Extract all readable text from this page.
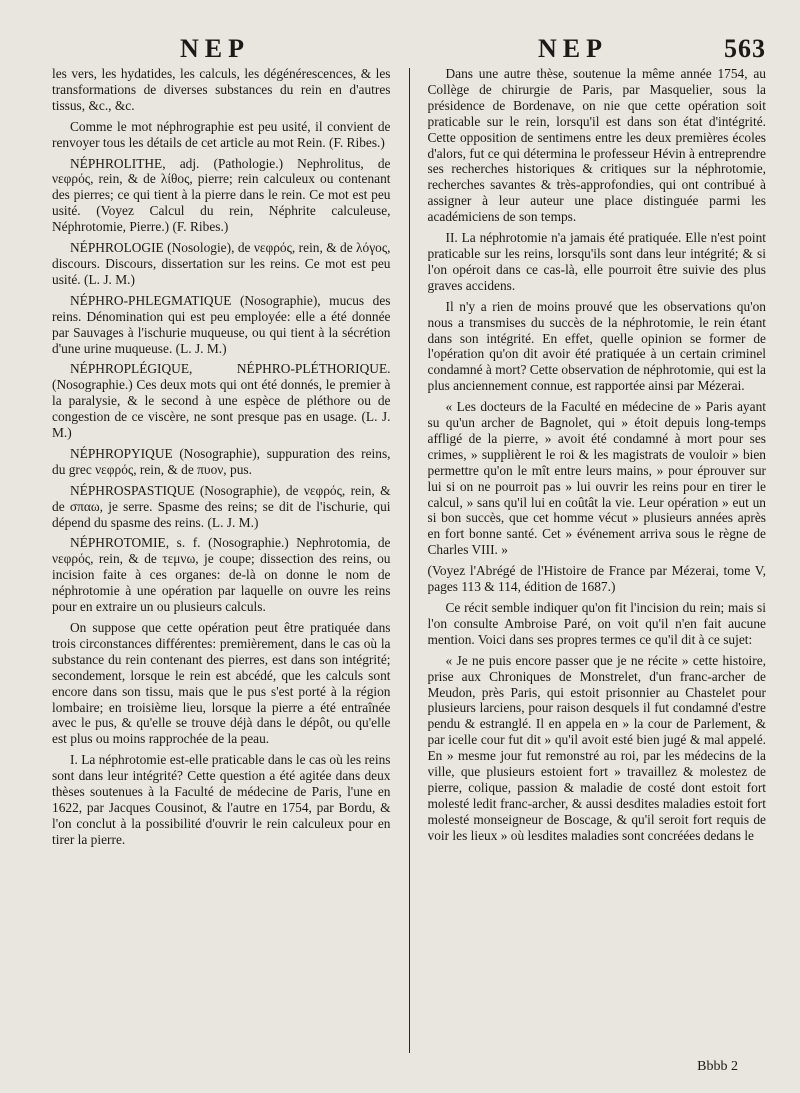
NEP	NEP	563

les vers, les hydatides, les calculs, les dégénérescences, & les transformations de diverses substances du rein en d'autres tissus, &c., &c.

Comme le mot néphrographie est peu usité, il convient de renvoyer tous les détails de cet article au mot Rein. (F. Ribes.)

NÉPHROLITHE, adj. (Pathologie.) Nephrolitus, de νεφρός, rein, & de λίθος, pierre; rein calculeux ou contenant des pierres; ce qui tient à la pierre dans le rein. Ce mot est peu usité. (Voyez Calcul du rein, Néphrite calculeuse, Néphrotomie, Pierre.) (F. Ribes.)

NÉPHROLOGIE (Nosologie), de νεφρός, rein, & de λόγος, discours. Discours, dissertation sur les reins. Ce mot est peu usité. (L. J. M.)

NÉPHRO-PHLEGMATIQUE (Nosographie), mucus des reins. Dénomination qui est peu employée: elle a été donnée par Sauvages à l'ischurie muqueuse, ou qui tient à la sécrétion d'une urine muqueuse. (L. J. M.)

NÉPHROPLÉGIQUE, NÉPHRO-PLÉTHORIQUE. (Nosographie.) Ces deux mots qui ont été donnés, le premier à la paralysie, & le second à une espèce de pléthore ou de congestion de ce viscère, ne sont presque pas en usage. (L. J. M.)

NÉPHROPYIQUE (Nosographie), suppuration des reins, du grec νεφρός, rein, & de πυον, pus.

NÉPHROSPASTIQUE (Nosographie), de νεφρός, rein, & de σπαω, je serre. Spasme des reins; se dit de l'ischurie, qui dépend du spasme des reins. (L. J. M.)

NÉPHROTOMIE, s. f. (Nosographie.) Nephrotomia, de νεφρός, rein, & de τεμνω, je coupe; dissection des reins, ou incision faite à ces organes: de-là on donne le nom de néphrotomie à une opération par laquelle on ouvre les reins pour en extraire un ou plusieurs calculs.

On suppose que cette opération peut être pratiquée dans trois circonstances différentes: premièrement, dans le cas où la substance du rein contenant des pierres, est dans son intégrité; secondement, lorsque le rein est abcédé, que les calculs sont encore dans son tissu, mais que le pus s'est porté à la région lombaire; en troisième lieu, lorsque la pierre a été entraînée avec le pus, & qu'elle se trouve déjà dans le dépôt, ou qu'elle est plus ou moins rapprochée de la peau.

I. La néphrotomie est-elle praticable dans le cas où les reins sont dans leur intégrité? Cette question a été agitée dans deux thèses soutenues à la Faculté de médecine de Paris, l'une en 1622, par Jacques Cousinot, & l'autre en 1754, par Bordu, & l'on conclut à la possibilité d'ouvrir le rein calculeux pour en tirer la pierre.

Dans une autre thèse, soutenue la même année 1754, au Collège de chirurgie de Paris, par Masquelier, sous la présidence de Bordenave, on nie que cette opération soit praticable sur le rein, lorsqu'il est dans son état d'intégrité. Cette opposition de sentimens entre les deux premières écoles d'alors, fut ce qui détermina le professeur Hévin à entreprendre ses recherches historiques & critiques sur la néphrotomie, recherches savantes & très-approfondies, qui ont contribué à assigner à leur auteur une place distinguée parmi les académiciens de son temps.

II. La néphrotomie n'a jamais été pratiquée. Elle n'est point praticable sur les reins, lorsqu'ils sont dans leur intégrité; & si l'on opéroit dans ce cas-là, elle pourroit être suivie des plus graves accidens.

Il n'y a rien de moins prouvé que les observations qu'on nous a transmises du succès de la néphrotomie, le rein étant dans son intégrité. En effet, quelle opinion se former de l'opération qu'on dit avoir été pratiquée à un certain criminel condamné à mort? Cette observation de néphrotomie, qui est la plus anciennement connue, est rapportée ainsi par Mézerai.

« Les docteurs de la Faculté en médecine de » Paris ayant su qu'un archer de Bagnolet, qui » étoit depuis long-temps affligé de la pierre, » avoit été condamné à mort pour ses crimes, » supplièrent le roi & les magistrats de vouloir » bien permettre qu'on le mît entre leurs mains, » pour éprouver sur lui si on ne pourroit pas » lui ouvrir les reins pour en tirer le calcul, » sans qu'il lui en coûtât la vie. Leur opération » eut un si bon succès, que cet homme vécut » plusieurs années après en fort bonne santé. Cet » événement arriva sous le règne de Charles VIII. »

(Voyez l'Abrégé de l'Histoire de France par Mézerai, tome V, pages 113 & 114, édition de 1687.)

Ce récit semble indiquer qu'on fit l'incision du rein; mais si l'on consulte Ambroise Paré, on voit qu'il n'en fait aucune mention. Voici dans ses propres termes ce qu'il dit à ce sujet:

« Je ne puis encore passer que je ne récite » cette histoire, prise aux Chroniques de Monstrelet, d'un franc-archer de Meudon, près Paris, qui estoit prisonnier au Chastelet pour plusieurs larciens, pour raison desquels il fut condamné d'estre pendu & estranglé. Il en appela en » la cour de Parlement, & par icelle cour fut dit » qu'il avoit esté bien jugé & mal appelé. En » mesme jour fut remonstré au roi, par les médecins de la ville, que plusieurs estoient fort » travaillez & molestez de pierre, colique, passion & maladie de costé dont estoit fort molesté ledit franc-archer, & aussi desdites maladies estoit fort molesté monseigneur de Boscage, & qu'il seroit fort requis de voir les lieux » où lesdites maladies sont concréées dedans le

Bbbb 2
